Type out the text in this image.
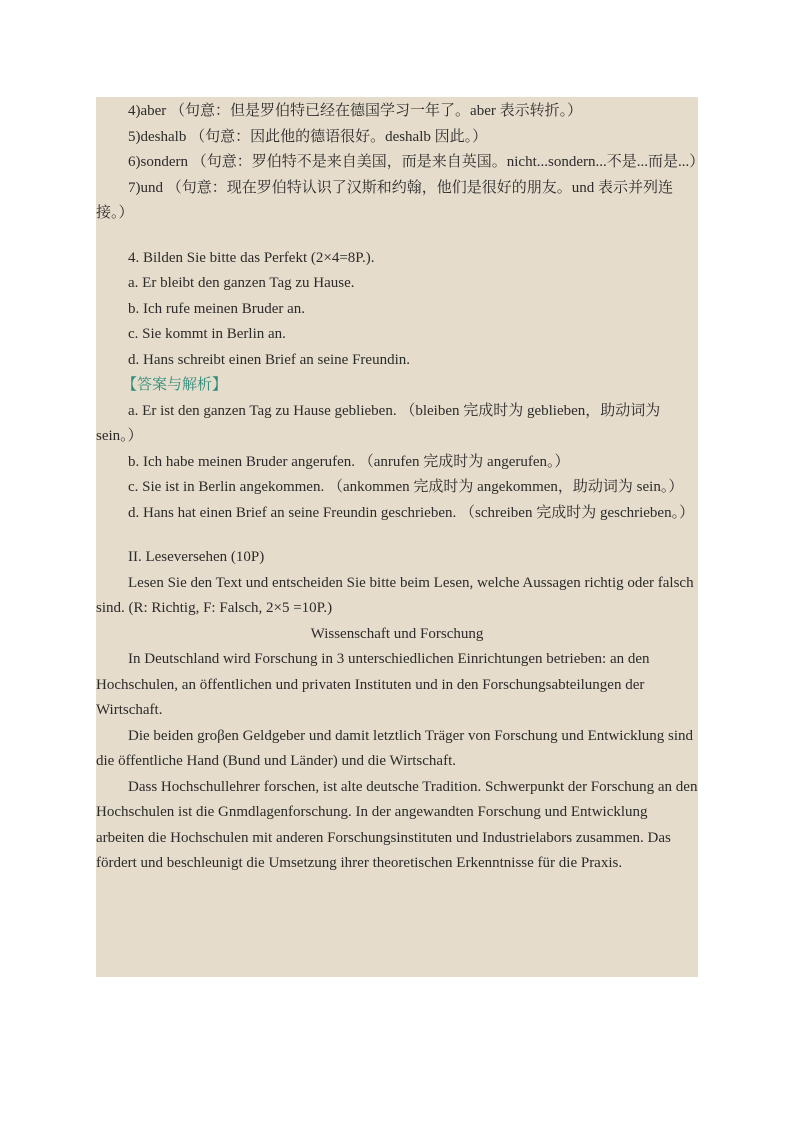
4)aber （句意：但是罗伯特已经在德国学习一年了。aber 表示转折。）

5)deshalb （句意：因此他的德语很好。deshalb 因此。）

6)sondern （句意：罗伯特不是来自美国，而是来自英国。nicht...sondern...不是...而是...）

7)und （句意：现在罗伯特认识了汉斯和约翰，他们是很好的朋友。und 表示并列连接。）

4. Bilden Sie bitte das Perfekt (2×4=8P.).

a. Er bleibt den ganzen Tag zu Hause.

b. Ich rufe meinen Bruder an.

c. Sie kommt in Berlin an.

d. Hans schreibt einen Brief an seine Freundin.

【答案与解析】

a. Er ist den ganzen Tag zu Hause geblieben. （bleiben 完成时为 geblieben，助动词为 sein。）

b. Ich habe meinen Bruder angerufen. （anrufen 完成时为 angerufen。）

c. Sie ist in Berlin angekommen. （ankommen 完成时为 angekommen，助动词为 sein。）

d. Hans hat einen Brief an seine Freundin geschrieben. （schreiben 完成时为 geschrieben。）

II. Leseversehen (10P)

Lesen Sie den Text und entscheiden Sie bitte beim Lesen, welche Aussagen richtig oder falsch sind. (R: Richtig, F: Falsch, 2×5 =10P.)

Wissenschaft und Forschung

In Deutschland wird Forschung in 3 unterschiedlichen Einrichtungen betrieben: an den Hochschulen, an öffentlichen und privaten Instituten und in den Forschungsabteilungen der Wirtschaft.

Die beiden groβen Geldgeber und damit letztlich Träger von Forschung und Entwicklung sind die öffentliche Hand (Bund und Länder) und die Wirtschaft.

Dass Hochschullehrer forschen, ist alte deutsche Tradition. Schwerpunkt der Forschung an den Hochschulen ist die Gnmdlagenforschung. In der angewandten Forschung und Entwicklung arbeiten die Hochschulen mit anderen Forschungsinstituten und Industrielabors zusammen. Das fördert und beschleunigt die Umsetzung ihrer theoretischen Erkenntnisse für die Praxis.
